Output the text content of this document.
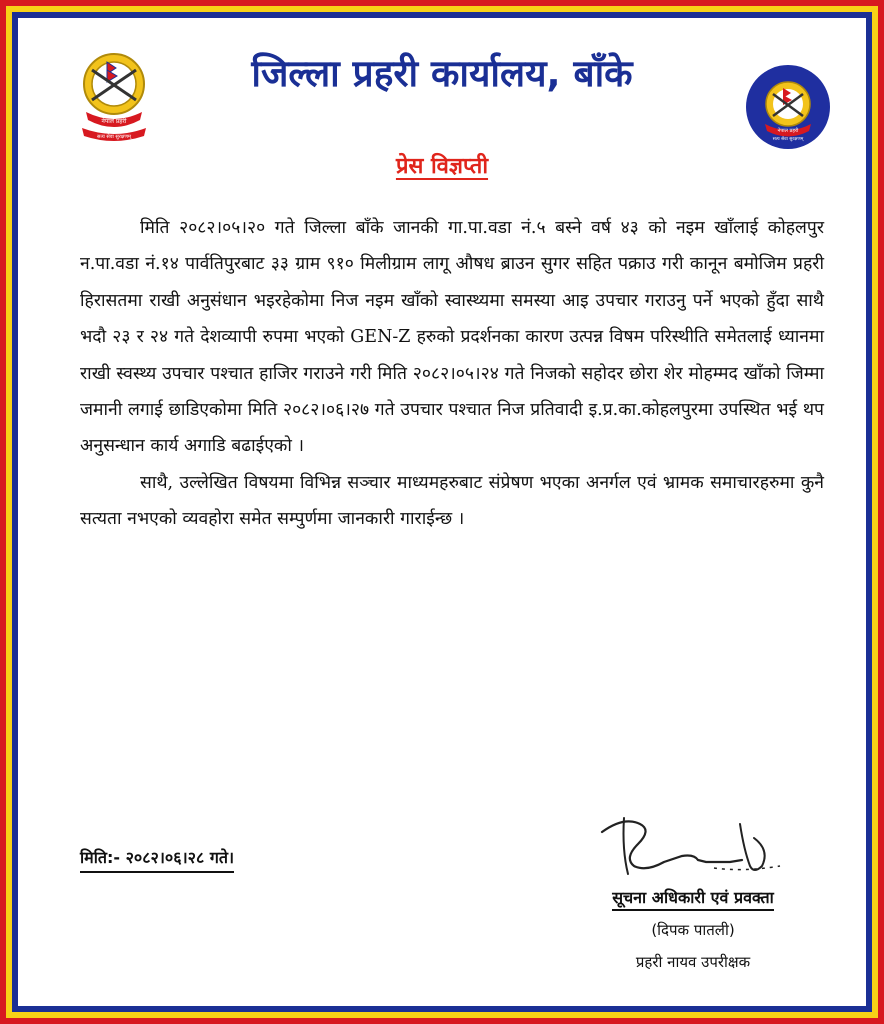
नेपाल प्रहरी
सत्य सेवा सुरक्षणम्
जिल्ला प्रहरी कार्यालय, बाँके
नेपाल प्रहरी
सत्य सेवा सुरक्षणम्
प्रेस विज्ञप्ती

मिति २०८२।०५।२० गते जिल्ला बाँके जानकी गा.पा.वडा नं.५ बस्ने वर्ष ४३ को नइम खाँलाई कोहलपुर न.पा.वडा नं.१४ पार्वतिपुरबाट ३३ ग्राम ९१० मिलीग्राम लागू औषध ब्राउन सुगर सहित पक्राउ गरी कानून बमोजिम प्रहरी हिरासतमा राखी अनुसंधान भइरहेकोमा निज नइम खाँको स्वास्थ्यमा समस्या आइ उपचार गराउनु पर्ने भएको हुँदा साथै भदौ २३ र २४ गते देशव्यापी रुपमा भएको GEN-Z हरुको प्रदर्शनका कारण उत्पन्न विषम परिस्थीति समेतलाई ध्यानमा राखी स्वस्थ्य उपचार पश्चात हाजिर गराउने गरी मिति २०८२।०५।२४ गते निजको सहोदर छोरा शेर मोहम्मद खाँको जिम्मा जमानी लगाई छाडिएकोमा मिति २०८२।०६।२७ गते उपचार पश्चात निज प्रतिवादी इ.प्र.का.कोहलपुरमा उपस्थित भई थप अनुसन्धान कार्य अगाडि बढाईएको ।

साथै, उल्लेखित विषयमा विभिन्न सञ्चार माध्यमहरुबाट संप्रेषण भएका अनर्गल एवं भ्रामक समाचारहरुमा कुनै सत्यता नभएको व्यवहोरा समेत सम्पुर्णमा जानकारी गाराईन्छ ।

मिति:- २०८२।०६।२८ गते।
सूचना अधिकारी एवं प्रवक्ता
(दिपक पातली)
प्रहरी नायव उपरीक्षक
